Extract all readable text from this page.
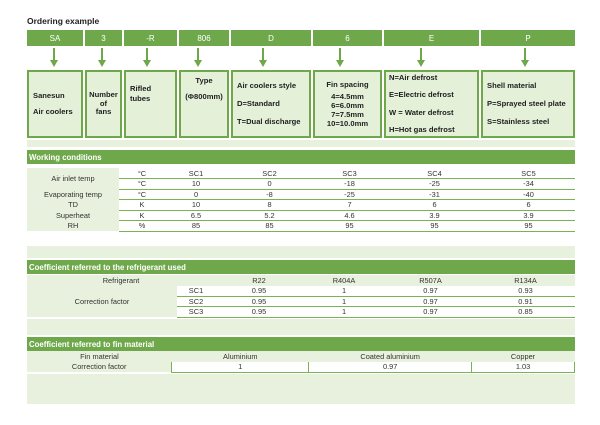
Ordering example
SA	3	-R	806	D	6	E	P
Sanesun
Air coolers
Number
of
fans
Rifled tubes
Type
(Φ800mm)
Air coolers style
D=Standard
T=Dual discharge
Fin spacing
4=4.5mm
6=6.0mm
7=7.5mm
10=10.0mm
N=Air defrost
E=Electric defrost
W = Water defrost
H=Hot gas defrost
Shell material
P=Sprayed steel plate
S=Stainless steel
Working conditions
Air inlet temp	°C	SC1	SC2	SC3	SC4	SC5
	°C	10	0	-18	-25	-34
Evaporating temp	°C	0	-8	-25	-31	-40
TD	K	10	8	7	6	6
Superheat	K	6.5	5.2	4.6	3.9	3.9
RH	%	85	85	95	95	95
Coefficient referred to the refrigerant used
Refrigerant		R22	R404A	R507A	R134A
Correction factor	SC1	0.95	1	0.97	0.93
	SC2	0.95	1	0.97	0.91
	SC3	0.95	1	0.97	0.85
Coefficient referred to fin material
Fin material	Aluminium	Coated aluminium	Copper
Correction factor	1	0.97	1.03
